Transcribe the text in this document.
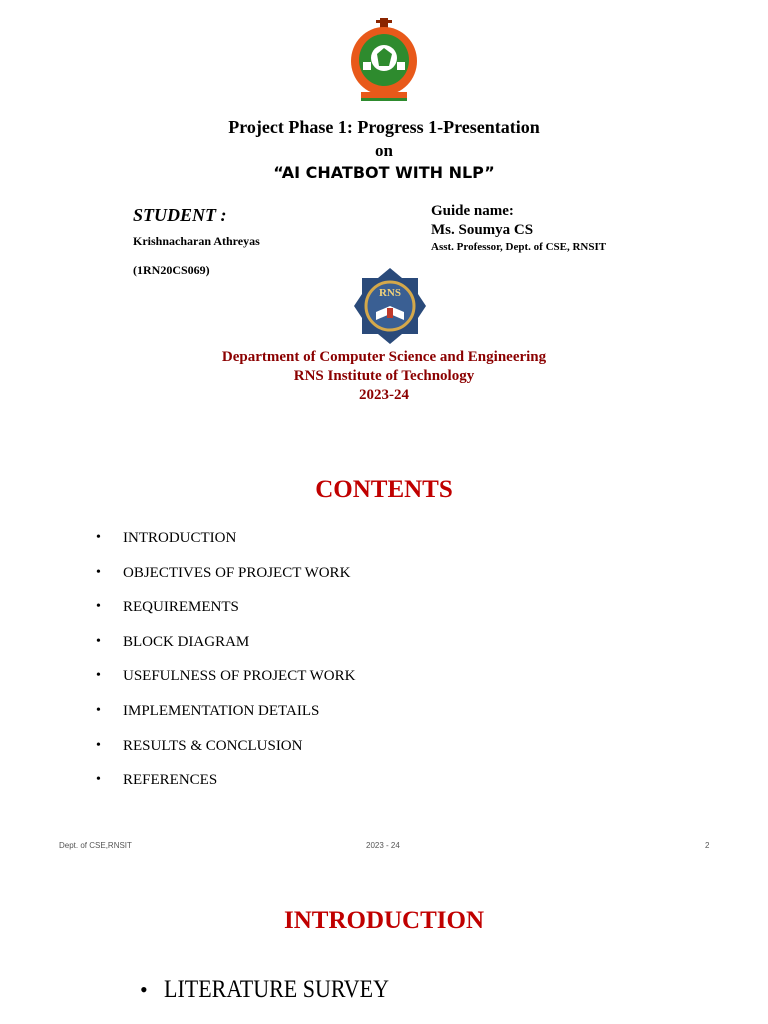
Project Phase 1: Progress 1-Presentation
on
“AI CHATBOT WITH NLP”
STUDENT :
Krishnacharan Athreyas
(1RN20CS069)
Guide name:
Ms. Soumya CS
Asst. Professor, Dept. of CSE, RNSIT
RNS
Department of Computer Science and Engineering
RNS Institute of Technology
2023-24
CONTENTS
•	INTRODUCTION
•	OBJECTIVES OF PROJECT WORK
•	REQUIREMENTS
•	BLOCK DIAGRAM
•	USEFULNESS OF PROJECT WORK
•	IMPLEMENTATION DETAILS
•	RESULTS & CONCLUSION
•	REFERENCES
Dept. of CSE,RNSIT	2023 - 24	2
INTRODUCTION
• LITERATURE SURVEY
